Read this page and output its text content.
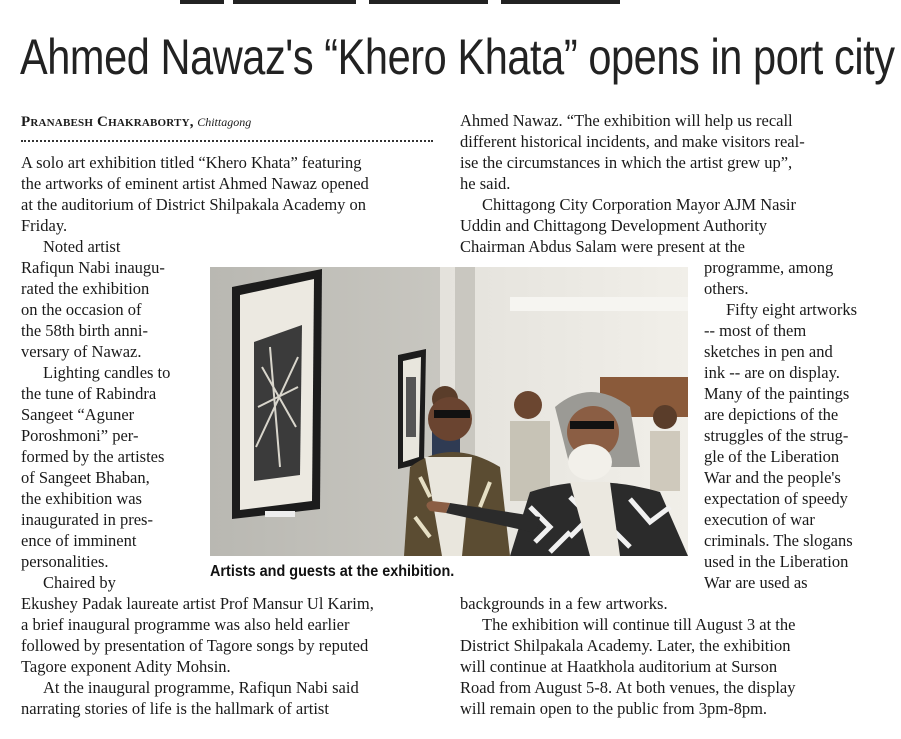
Ahmed Nawaz's “Khero Khata” opens in port city
Pranabesh Chakraborty, Chittagong
A solo art exhibition titled “Khero Khata” featuring
the artworks of eminent artist Ahmed Nawaz opened
at the auditorium of District Shilpakala Academy on
Friday.
Noted artist
Rafiqun Nabi inaugu-
rated the exhibition
on the occasion of
the 58th birth anni-
versary of Nawaz.
Lighting candles to
the tune of Rabindra
Sangeet “Aguner
Poroshmoni” per-
formed by the artistes
of Sangeet Bhaban,
the exhibition was
inaugurated in pres-
ence of imminent
personalities.
Chaired by
Ekushey Padak laureate artist Prof Mansur Ul Karim,
a brief inaugural programme was also held earlier
followed by presentation of Tagore songs by reputed
Tagore exponent Adity Mohsin.
At the inaugural programme, Rafiqun Nabi said
narrating stories of life is the hallmark of artist
Ahmed Nawaz. “The exhibition will help us recall
different historical incidents, and make visitors real-
ise the circumstances in which the artist grew up”,
he said.
Chittagong City Corporation Mayor AJM Nasir
Uddin and Chittagong Development Authority
Chairman Abdus Salam were present at the
programme, among
others.
Fifty eight artworks
-- most of them
sketches in pen and
ink -- are on display.
Many of the paintings
are depictions of the
struggles of the strug-
gle of the Liberation
War and the people's
expectation of speedy
execution of war
criminals. The slogans
used in the Liberation
War are used as
backgrounds in a few artworks.
The exhibition will continue till August 3 at the
District Shilpakala Academy. Later, the exhibition
will continue at Haatkhola auditorium at Surson
Road from August 5-8. At both venues, the display
will remain open to the public from 3pm-8pm.
Artists and guests at the exhibition.
